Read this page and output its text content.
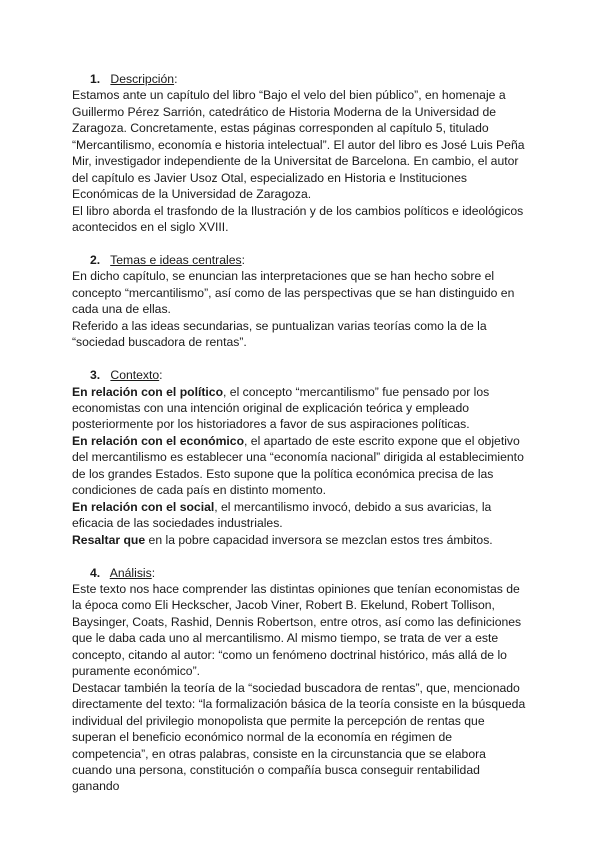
1. Descripción:

Estamos ante un capítulo del libro “Bajo el velo del bien público”, en homenaje a Guillermo Pérez Sarrión, catedrático de Historia Moderna de la Universidad de Zaragoza. Concretamente, estas páginas corresponden al capítulo 5, titulado “Mercantilismo, economía e historia intelectual”. El autor del libro es José Luis Peña Mir, investigador independiente de la Universitat de Barcelona. En cambio, el autor del capítulo es Javier Usoz Otal, especializado en Historia e Instituciones Económicas de la Universidad de Zaragoza.

El libro aborda el trasfondo de la Ilustración y de los cambios políticos e ideológicos acontecidos en el siglo XVIII.

2. Temas e ideas centrales:

En dicho capítulo, se enuncian las interpretaciones que se han hecho sobre el concepto “mercantilismo”, así como de las perspectivas que se han distinguido en cada una de ellas.

Referido a las ideas secundarias, se puntualizan varias teorías como la de la “sociedad buscadora de rentas”.

3. Contexto:

En relación con el político, el concepto “mercantilismo” fue pensado por los economistas con una intención original de explicación teórica y empleado posteriormente por los historiadores a favor de sus aspiraciones políticas.

En relación con el económico, el apartado de este escrito expone que el objetivo del mercantilismo es establecer una “economía nacional” dirigida al establecimiento de los grandes Estados. Esto supone que la política económica precisa de las condiciones de cada país en distinto momento.

En relación con el social, el mercantilismo invocó, debido a sus avaricias, la eficacia de las sociedades industriales.

Resaltar que en la pobre capacidad inversora se mezclan estos tres ámbitos.

4. Análisis:

Este texto nos hace comprender las distintas opiniones que tenían economistas de la época como Eli Heckscher, Jacob Viner, Robert B. Ekelund, Robert Tollison, Baysinger, Coats, Rashid, Dennis Robertson, entre otros, así como las definiciones que le daba cada uno al mercantilismo. Al mismo tiempo, se trata de ver a este concepto, citando al autor: “como un fenómeno doctrinal histórico, más allá de lo puramente económico”.

Destacar también la teoría de la “sociedad buscadora de rentas”, que, mencionado directamente del texto: “la formalización básica de la teoría consiste en la búsqueda individual del privilegio monopolista que permite la percepción de rentas que superan el beneficio económico normal de la economía en régimen de competencia”, en otras palabras, consiste en la circunstancia que se elabora cuando una persona, constitución o compañía busca conseguir rentabilidad ganando
